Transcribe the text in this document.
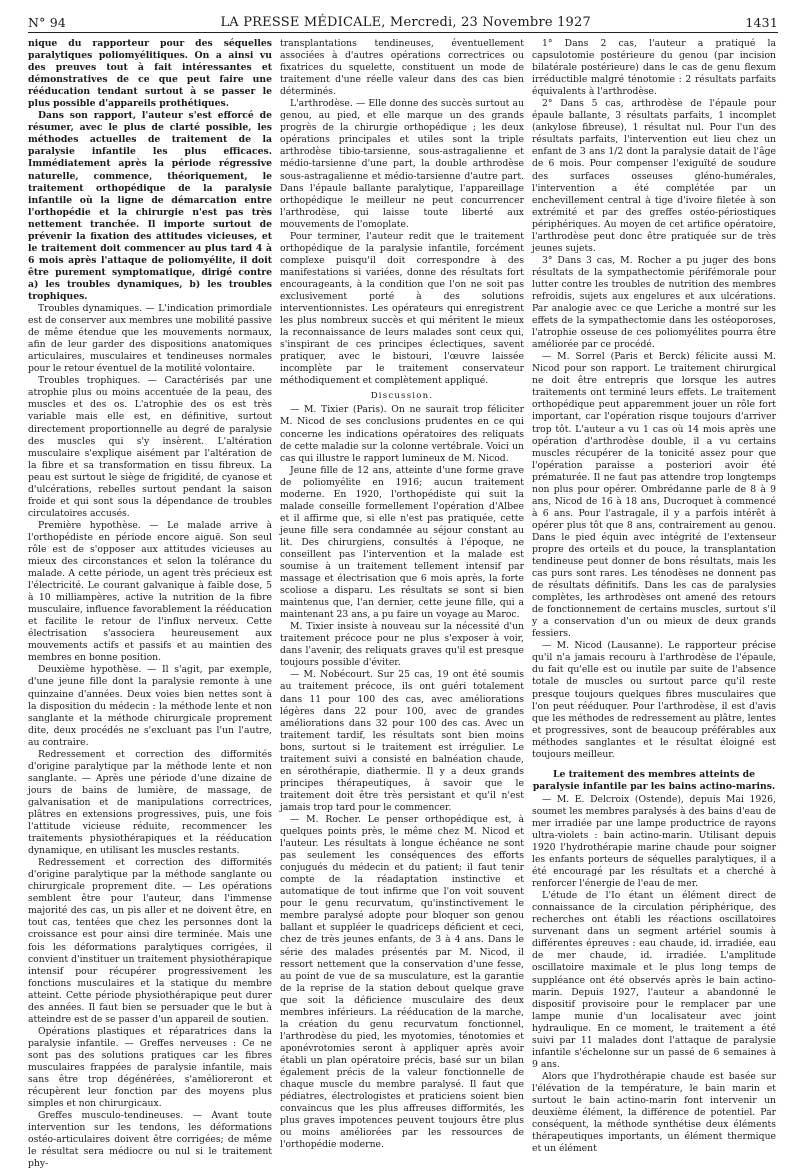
N° 94	LA PRESSE MÉDICALE, Mercredi, 23 Novembre 1927	1431

nique du rapporteur pour des séquelles paralytiques poliomyélitiques. On a ainsi vu des preuves tout à fait intéressantes et démonstratives de ce que peut faire une rééducation tendant surtout à se passer le plus possible d'appareils prothétiques.

Dans son rapport, l'auteur s'est efforcé de résumer, avec le plus de clarté possible, les méthodes actuelles de traitement de la paralysie infantile les plus efficaces. Immédiatement après la période régressive naturelle, commence, théoriquement, le traitement orthopédique de la paralysie infantile où la ligne de démarcation entre l'orthopédie et la chirurgie n'est pas très nettement tranchée. Il importe surtout de prévenir la fixation des attitudes vicieuses, et le traitement doit commencer au plus tard 4 à 6 mois après l'attaque de poliomyélite, il doit être purement symptomatique, dirigé contre a) les troubles dynamiques, b) les troubles trophiques.

Troubles dynamiques. — L'indication primordiale est de conserver aux membres une mobilité passive de même étendue que les mouvements normaux, afin de leur garder des dispositions anatomiques articulaires, musculaires et tendineuses normales pour le retour éventuel de la motilité volontaire.

Troubles trophiques. — Caractérisés par une atrophie plus ou moins accentuée de la peau, des muscles et des os. L'atrophie des os est très variable mais elle est, en définitive, surtout directement proportionnelle au degré de paralysie des muscles qui s'y insèrent. L'altération musculaire s'explique aisément par l'altération de la fibre et sa transformation en tissu fibreux. La peau est surtout le siège de frigidité, de cyanose et d'ulcérations, rebelles surtout pendant la saison froide et qui sont sous la dépendance de troubles circulatoires accusés.

Première hypothèse. — Le malade arrive à l'orthopédiste en période encore aiguë. Son seul rôle est de s'opposer aux attitudes vicieuses au mieux des circonstances et selon la tolérance du malade. A cette période, un agent très précieux est l'électricité. Le courant galvanique à faible dose, 5 à 10 milliampères, active la nutrition de la fibre musculaire, influence favorablement la rééducation et facilite le retour de l'influx nerveux. Cette électrisation s'associera heureusement aux mouvements actifs et passifs et au maintien des membres en bonne position.

Deuxième hypothèse. — Il s'agit, par exemple, d'une jeune fille dont la paralysie remonte à une quinzaine d'années. Deux voies bien nettes sont à la disposition du médecin : la méthode lente et non sanglante et la méthode chirurgicale proprement dite, deux procédés ne s'excluant pas l'un l'autre, au contraire.

Redressement et correction des difformités d'origine paralytique par la méthode lente et non sanglante. — Après une période d'une dizaine de jours de bains de lumière, de massage, de galvanisation et de manipulations correctrices, plâtres en extensions progressives, puis, une fois l'attitude vicieuse réduite, recommencer les traitements physiothérapiques et la rééducation dynamique, en utilisant les muscles restants.

Redressement et correction des difformités d'origine paralytique par la méthode sanglante ou chirurgicale proprement dite. — Les opérations semblent être pour l'auteur, dans l'immense majorité des cas, un pis aller et ne doivent être, en tout cas, tentées que chez les personnes dont la croissance est pour ainsi dire terminée. Mais une fois les déformations paralytiques corrigées, il convient d'instituer un traitement physiothérapique intensif pour récupérer progressivement les fonctions musculaires et la statique du membre atteint. Cette période physiothérapique peut durer des années. Il faut bien se persuader que le but à atteindre est de se passer d'un appareil de soutien.

Opérations plastiques et réparatrices dans la paralysie infantile. — Greffes nerveuses : Ce ne sont pas des solutions pratiques car les fibres musculaires frappées de paralysie infantile, mais sans être trop dégénérées, s'amélioreront et récupèrent leur fonction par des moyens plus simples et non chirurgicaux.

Greffes musculo-tendineuses. — Avant toute intervention sur les tendons, les déformations ostéo-articulaires doivent être corrigées; de même le résultat sera médiocre ou nul si le traitement phy-

transplantations tendineuses, éventuellement associées à d'autres opérations correctrices ou fixatrices du squelette, constituent un mode de traitement d'une réelle valeur dans des cas bien déterminés.

L'arthrodèse. — Elle donne des succès surtout au genou, au pied, et elle marque un des grands progrès de la chirurgie orthopédique ; les deux opérations principales et utiles sont la triple arthrodèse tibio-tarsienne, sous-astragalienne et médio-tarsienne d'une part, la double arthrodèse sous-astragalienne et médio-tarsienne d'autre part. Dans l'épaule ballante paralytique, l'appareillage orthopédique le meilleur ne peut concurrencer l'arthrodèse, qui laisse toute liberté aux mouvements de l'omoplate.

Pour terminer, l'auteur redit que le traitement orthopédique de la paralysie infantile, forcément complexe puisqu'il doit correspondre à des manifestations si variées, donne des résultats fort encourageants, à la condition que l'on ne soit pas exclusivement porté à des solutions interventionnistes. Les opérateurs qui enregistrent les plus nombreux succès et qui méritent le mieux la reconnaissance de leurs malades sont ceux qui, s'inspirant de ces principes éclectiques, savent pratiquer, avec le bistouri, l'œuvre laissée incomplète par le traitement conservateur méthodiquement et complètement appliqué.

Discussion.

— M. Tixier (Paris). On ne saurait trop féliciter M. Nicod de ses conclusions prudentes en ce qui concerne les indications opératoires des reliquats de cette maladie sur la colonne vertébrale. Voici un cas qui illustre le rapport lumineux de M. Nicod.

Jeune fille de 12 ans, atteinte d'une forme grave de poliomyélite en 1916; aucun traitement moderne. En 1920, l'orthopédiste qui suit la malade conseille formellement l'opération d'Albee et il affirme que, si elle n'est pas pratiquée, cette jeune fille sera condamnée au séjour constant au lit. Des chirurgiens, consultés à l'époque, ne conseillent pas l'intervention et la malade est soumise à un traitement tellement intensif par massage et électrisation que 6 mois après, la forte scoliose a disparu. Les résultats se sont si bien maintenus que, l'an dernier, cette jeune fille, qui a maintenant 23 ans, a pu faire un voyage au Maroc.

M. Tixier insiste à nouveau sur la nécessité d'un traitement précoce pour ne plus s'exposer à voir, dans l'avenir, des reliquats graves qu'il est presque toujours possible d'éviter.

— M. Nobécourt. Sur 25 cas, 19 ont été soumis au traitement précoce, ils ont guéri totalement dans 11 pour 100 des cas, avec améliorations légères dans 22 pour 100, avec de grandes améliorations dans 32 pour 100 des cas. Avec un traitement tardif, les résultats sont bien moins bons, surtout si le traitement est irrégulier. Le traitement suivi a consisté en balnéation chaude, en sérothérapie, diathermie. Il y a deux grands principes thérapeutiques, à savoir que le traitement doit être très persistant et qu'il n'est jamais trop tard pour le commencer.

— M. Rocher. Le penser orthopédique est, à quelques points près, le même chez M. Nicod et l'auteur. Les résultats à longue échéance ne sont pas seulement les conséquences des efforts conjugués du médecin et du patient; il faut tenir compte de la réadaptation instinctive et automatique de tout infirme que l'on voit souvent pour le genu recurvatum, qu'instinctivement le membre paralysé adopte pour bloquer son genou ballant et suppléer le quadriceps déficient et ceci, chez de très jeunes enfants, de 3 à 4 ans. Dans le série des malades présentés par M. Nicod, il ressort nettement que la conservation d'une fesse, au point de vue de sa musculature, est la garantie de la reprise de la station debout quelque grave que soit la déficience musculaire des deux membres inférieurs. La rééducation de la marche, la création du genu recurvatum fonctionnel, l'arthrodèse du pied, les myotomies, ténotomies et aponévrotomies seront à appliquer après avoir établi un plan opératoire précis, basé sur un bilan également précis de la valeur fonctionnelle de chaque muscle du membre paralysé. Il faut que pédiatres, électrologistes et praticiens soient bien convaincus que les plus affreuses difformités, les plus graves impotences peuvent toujours être plus ou moins améliorées par les ressources de l'orthopédie moderne.

1° Dans 2 cas, l'auteur a pratiqué la capsulotomie postérieure du genou (par incision bilatérale postérieure) dans le cas de genu flexum irréductible malgré ténotomie : 2 résultats parfaits équivalents à l'arthrodèse.

2° Dans 5 cas, arthrodèse de l'épaule pour épaule ballante, 3 résultats parfaits, 1 incomplet (ankylose fibreuse), 1 résultat nul. Pour l'un des résultats parfaits, l'intervention eut lieu chez un enfant de 3 ans 1/2 dont la paralysie datait de l'âge de 6 mois. Pour compenser l'exiguïté de soudure des surfaces osseuses gléno-humérales, l'intervention a été complétée par un enchevillement central à tige d'ivoire filetée à son extrémité et par des greffes ostéo-périostiques périphériques. Au moyen de cet artifice opératoire, l'arthrodèse peut donc être pratiquée sur de très jeunes sujets.

3° Dans 3 cas, M. Rocher a pu juger des bons résultats de la sympathectomie périfémorale pour lutter contre les troubles de nutrition des membres refroidis, sujets aux engelures et aux ulcérations. Par analogie avec ce que Leriche a montré sur les effets de la sympathectomie dans les ostéoporoses, l'atrophie osseuse de ces poliomyélites pourra être améliorée par ce procédé.

— M. Sorrel (Paris et Berck) félicite aussi M. Nicod pour son rapport. Le traitement chirurgical ne doit être entrepris que lorsque les autres traitements ont terminé leurs effets. Le traitement orthopédique peut apparemment jouer un rôle fort important, car l'opération risque toujours d'arriver trop tôt. L'auteur a vu 1 cas où 14 mois après une opération d'arthrodèse double, il a vu certains muscles récupérer de la tonicité assez pour que l'opération paraisse a posteriori avoir été prématurée. Il ne faut pas attendre trop longtemps non plus pour opérer. Ombrédanne parle de 8 à 9 ans, Nicod de 16 à 18 ans, Ducroquet à commencé à 6 ans. Pour l'astragale, il y a parfois intérêt à opérer plus tôt que 8 ans, contrairement au genou. Dans le pied équin avec intégrité de l'extenseur propre des orteils et du pouce, la transplantation tendineuse peut donner de bons résultats, mais les cas purs sont rares. Les ténodèses ne donnent pas de résultats définitifs. Dans les cas de paralysies complètes, les arthrodèses ont amené des retours de fonctionnement de certains muscles, surtout s'il y a conservation d'un ou mieux de deux grands fessiers.

— M. Nicod (Lausanne). Le rapporteur précise qu'il n'a jamais recouru à l'arthrodèse de l'épaule, du fait qu'elle est ou inutile par suite de l'absence totale de muscles ou surtout parce qu'il reste presque toujours quelques fibres musculaires que l'on peut rééduquer. Pour l'arthrodèse, il est d'avis que les méthodes de redressement au plâtre, lentes et progressives, sont de beaucoup préférables aux méthodes sanglantes et le résultat éloigné est toujours meilleur.

Le traitement des membres atteints de paralysie infantile par les bains actino-marins.

— M. E. Delcroix (Ostende), depuis Mai 1926, soumet les membres paralysés à des bains d'eau de mer irradiée par une lampe productrice de rayons ultra-violets : bain actino-marin. Utilisant depuis 1920 l'hydrothérapie marine chaude pour soigner les enfants porteurs de séquelles paralytiques, il a été encouragé par les résultats et a cherché à renforcer l'énergie de l'eau de mer.

L'étude de l'Io étant un élément direct de connaissance de la circulation périphérique, des recherches ont établi les réactions oscillatoires survenant dans un segment artériel soumis à différentes épreuves : eau chaude, id. irradiée, eau de mer chaude, id. irradiée. L'amplitude oscillatoire maximale et le plus long temps de suppléance ont été observés après le bain actino-marin. Depuis 1927, l'auteur a abandonné le dispositif provisoire pour le remplacer par une lampe munie d'un localisateur avec joint hydraulique. En ce moment, le traitement a été suivi par 11 malades dont l'attaque de paralysie infantile s'échelonne sur un passé de 6 semaines à 9 ans.

Alors que l'hydrothérapie chaude est basée sur l'élévation de la température, le bain marin et surtout le bain actino-marin font intervenir un deuxième élément, la différence de potentiel. Par conséquent, la méthode synthétise deux éléments thérapeutiques importants, un élément thermique et un élément
